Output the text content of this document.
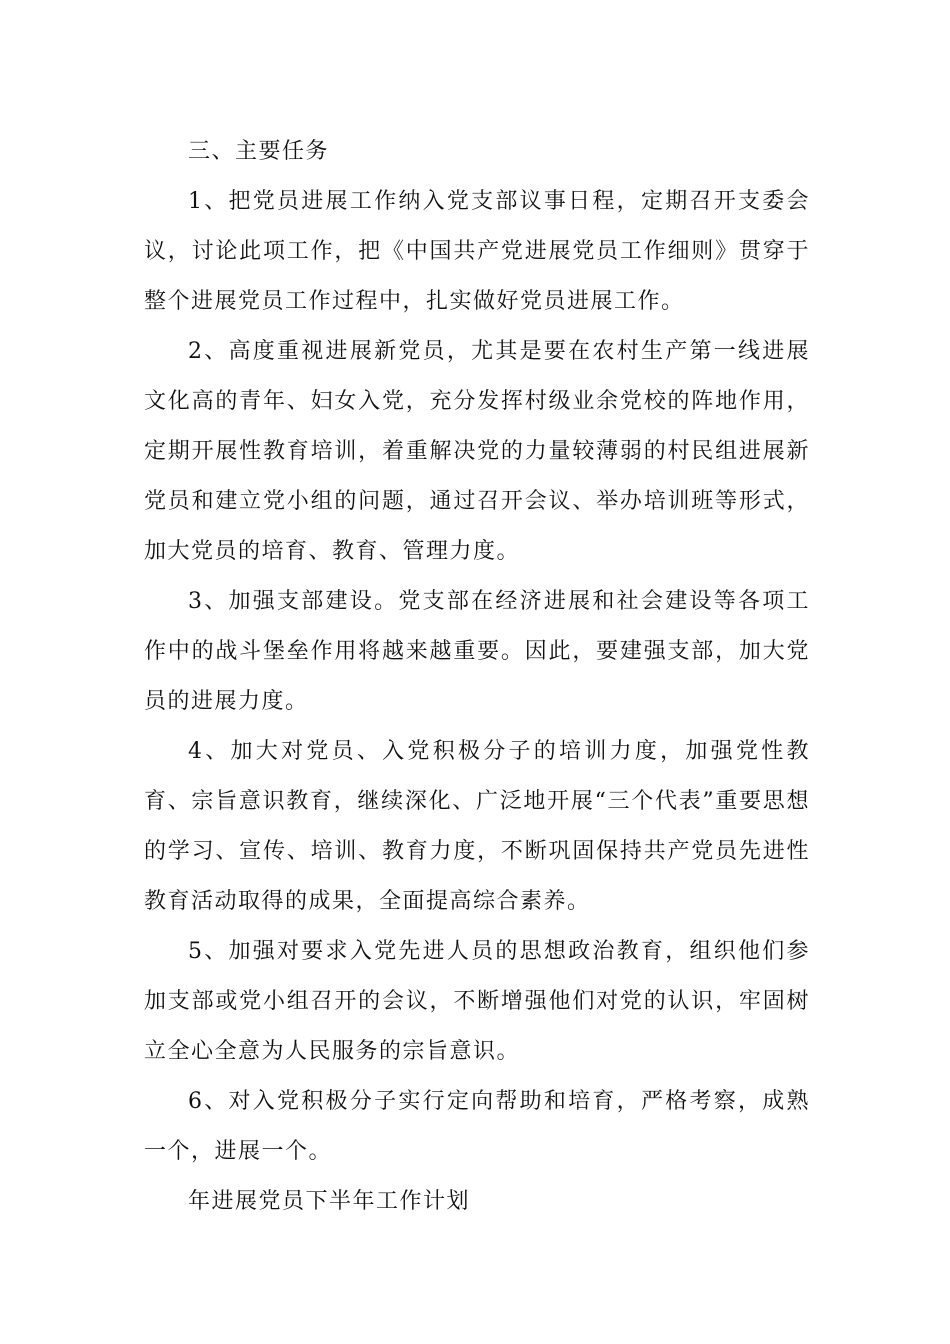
三、主要任务

1、把党员进展工作纳入党支部议事日程，定期召开支委会议，讨论此项工作，把《中国共产党进展党员工作细则》贯穿于整个进展党员工作过程中，扎实做好党员进展工作。

2、高度重视进展新党员，尤其是要在农村生产第一线进展文化高的青年、妇女入党，充分发挥村级业余党校的阵地作用，定期开展性教育培训，着重解决党的力量较薄弱的村民组进展新党员和建立党小组的问题，通过召开会议、举办培训班等形式，加大党员的培育、教育、管理力度。

3、加强支部建设。党支部在经济进展和社会建设等各项工作中的战斗堡垒作用将越来越重要。因此，要建强支部，加大党员的进展力度。

4、加大对党员、入党积极分子的培训力度，加强党性教育、宗旨意识教育，继续深化、广泛地开展“三个代表”重要思想的学习、宣传、培训、教育力度，不断巩固保持共产党员先进性教育活动取得的成果，全面提高综合素养。

5、加强对要求入党先进人员的思想政治教育，组织他们参加支部或党小组召开的会议，不断增强他们对党的认识，牢固树立全心全意为人民服务的宗旨意识。

6、对入党积极分子实行定向帮助和培育，严格考察，成熟一个，进展一个。

年进展党员下半年工作计划
